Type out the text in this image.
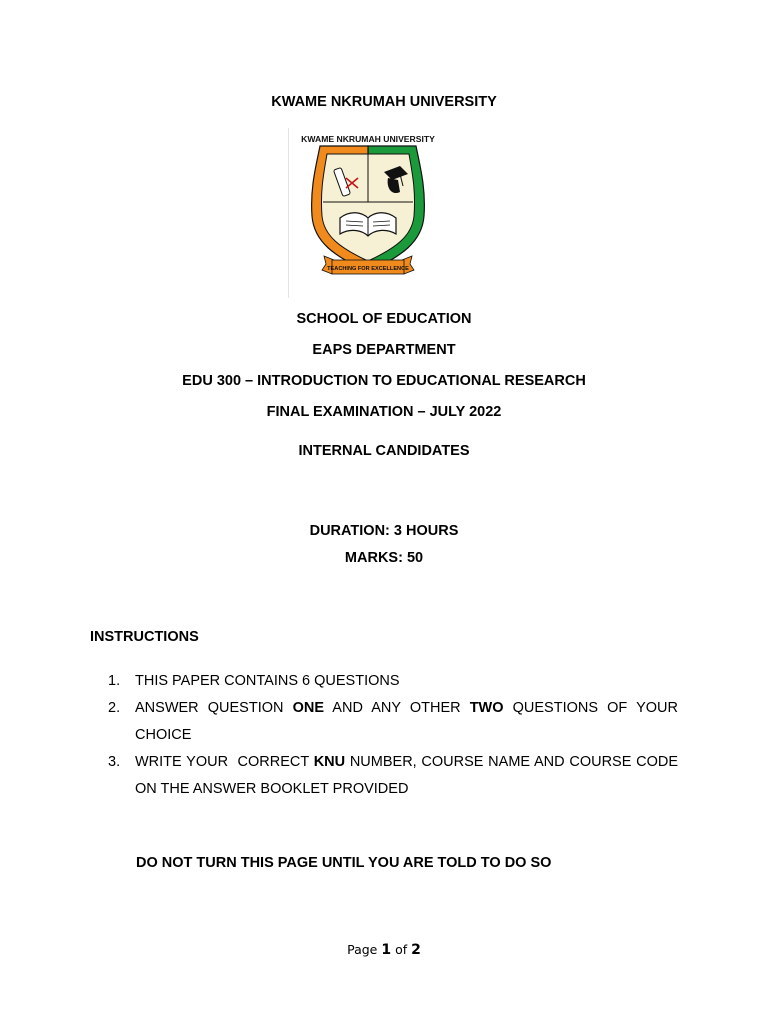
KWAME NKRUMAH UNIVERSITY
KWAME NKRUMAH UNIVERSITY
TEACHING FOR EXCELLENCE
SCHOOL OF EDUCATION
EAPS DEPARTMENT
EDU 300 – INTRODUCTION TO EDUCATIONAL RESEARCH
FINAL EXAMINATION – JULY 2022
INTERNAL CANDIDATES
DURATION: 3 HOURS
MARKS: 50
INSTRUCTIONS
1.	THIS PAPER CONTAINS 6 QUESTIONS
2.	ANSWER QUESTION ONE AND ANY OTHER TWO QUESTIONS OF YOUR CHOICE
3.	WRITE YOUR  CORRECT KNU NUMBER, COURSE NAME AND COURSE CODE ON THE ANSWER BOOKLET PROVIDED
DO NOT TURN THIS PAGE UNTIL YOU ARE TOLD TO DO SO
Page 1 of 2
